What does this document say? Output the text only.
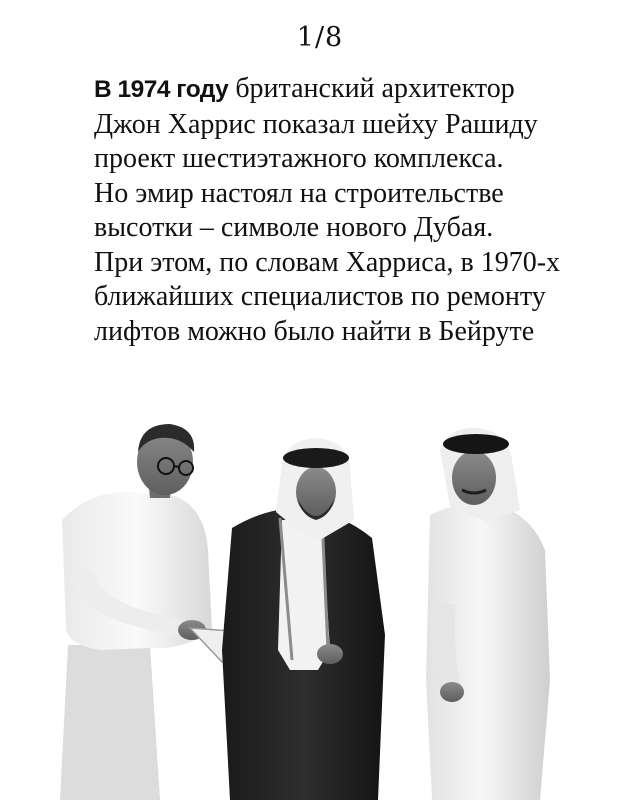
1/8
В 1974 году британский архитектор
Джон Харрис показал шейху Рашиду
проект шестиэтажного комплекса.
Но эмир настоял на строительстве
высотки – символе нового Дубая.
При этом, по словам Харриса, в 1970-х
ближайших специалистов по ремонту
лифтов можно было найти в Бейруте
